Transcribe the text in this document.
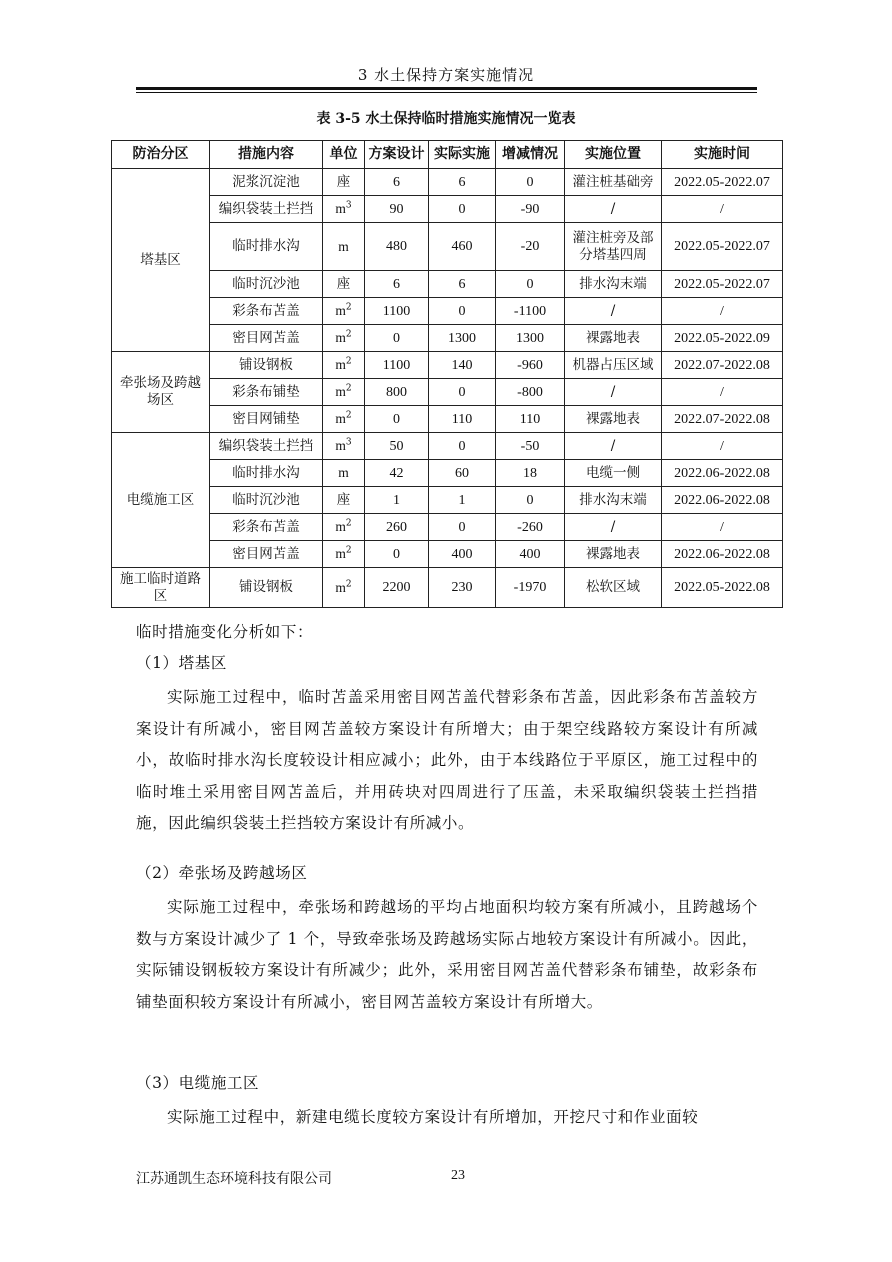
3 水土保持方案实施情况
表 3-5 水土保持临时措施实施情况一览表
防治分区	措施内容	单位	方案设计	实际实施	增减情况	实施位置	实施时间
塔基区	泥浆沉淀池	座	6	6	0	灌注桩基础旁	2022.05-2022.07
	编织袋装土拦挡	$m^3$	90	0	-90	/	/
	临时排水沟	m	480	460	-20	灌注桩旁及部分塔基四周	2022.05-2022.07
	临时沉沙池	座	6	6	0	排水沟末端	2022.05-2022.07
	彩条布苫盖	$m^2$	1100	0	-1100	/	/
	密目网苫盖	$m^2$	0	1300	1300	裸露地表	2022.05-2022.09
牵张场及跨越场区	铺设钢板	$m^2$	1100	140	-960	机器占压区域	2022.07-2022.08
	彩条布铺垫	$m^2$	800	0	-800	/	/
	密目网铺垫	$m^2$	0	110	110	裸露地表	2022.07-2022.08
电缆施工区	编织袋装土拦挡	$m^3$	50	0	-50	/	/
	临时排水沟	m	42	60	18	电缆一侧	2022.06-2022.08
	临时沉沙池	座	1	1	0	排水沟末端	2022.06-2022.08
	彩条布苫盖	$m^2$	260	0	-260	/	/
	密目网苫盖	$m^2$	0	400	400	裸露地表	2022.06-2022.08
施工临时道路区	铺设钢板	$m^2$	2200	230	-1970	松软区域	2022.05-2022.08
临时措施变化分析如下：
（1）塔基区
实际施工过程中，临时苫盖采用密目网苫盖代替彩条布苫盖，因此彩条布苫盖较方案设计有所减小，密目网苫盖较方案设计有所增大；由于架空线路较方案设计有所减小，故临时排水沟长度较设计相应减小；此外，由于本线路位于平原区，施工过程中的临时堆土采用密目网苫盖后，并用砖块对四周进行了压盖，未采取编织袋装土拦挡措施，因此编织袋装土拦挡较方案设计有所减小。
（2）牵张场及跨越场区
实际施工过程中，牵张场和跨越场的平均占地面积均较方案有所减小，且跨越场个数与方案设计减少了 1 个，导致牵张场及跨越场实际占地较方案设计有所减小。因此，实际铺设钢板较方案设计有所减少；此外，采用密目网苫盖代替彩条布铺垫，故彩条布铺垫面积较方案设计有所减小，密目网苫盖较方案设计有所增大。
（3）电缆施工区
实际施工过程中，新建电缆长度较方案设计有所增加，开挖尺寸和作业面较
江苏通凯生态环境科技有限公司	23
